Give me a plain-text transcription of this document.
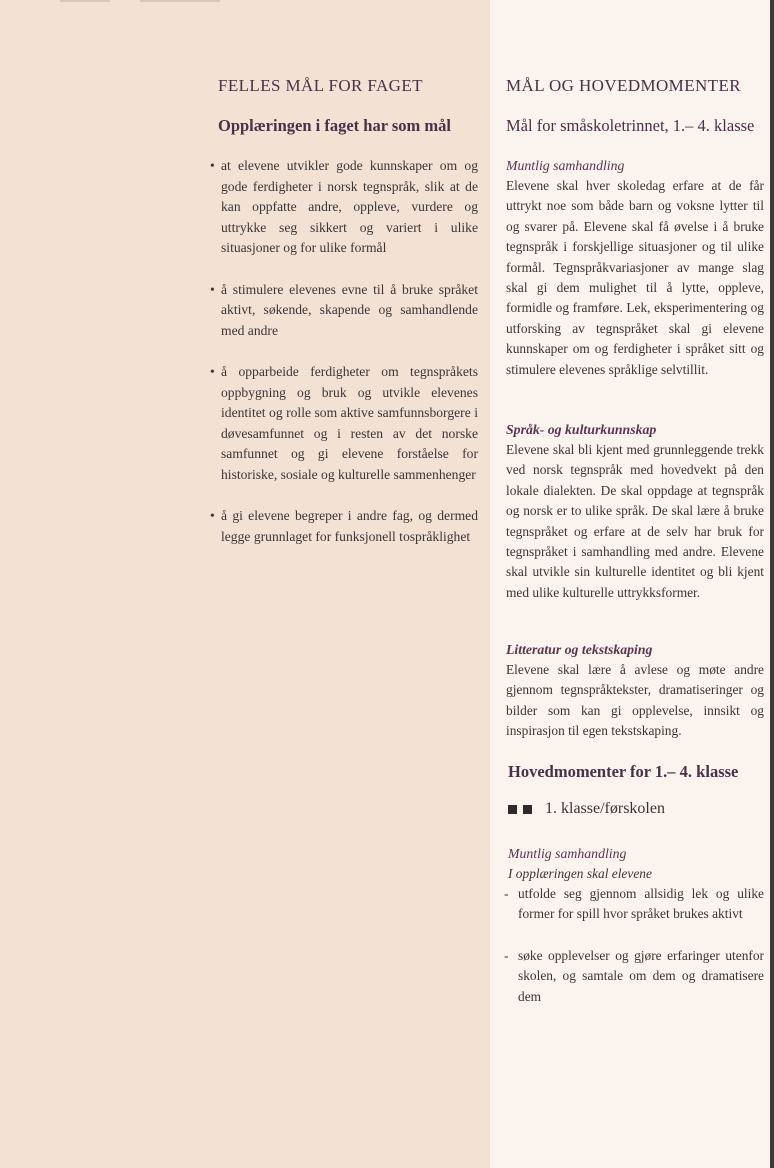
FELLES MÅL FOR FAGET
Opplæringen i faget har som mål
• at elevene utvikler gode kunnskaper om og gode ferdigheter i norsk tegnspråk, slik at de kan oppfatte andre, oppleve, vurdere og uttrykke seg sikkert og variert i ulike situasjoner og for ulike formål
• å stimulere elevenes evne til å bruke språket aktivt, søkende, skapende og samhandlende med andre
• å opparbeide ferdigheter om tegnspråkets oppbygning og bruk og utvikle elevenes identitet og rolle som aktive samfunnsborgere i døvesamfunnet og i resten av det norske samfunnet og gi elevene forståelse for historiske, sosiale og kulturelle sammenhenger
• å gi elevene begreper i andre fag, og dermed legge grunnlaget for funksjonell tospråklighet
MÅL OG HOVEDMOMENTER
Mål for småskoletrinnet, 1.– 4. klasse

Muntlig samhandling

Elevene skal hver skoledag erfare at de får uttrykt noe som både barn og voksne lytter til og svarer på. Elevene skal få øvelse i å bruke tegnspråk i forskjellige situasjoner og til ulike formål. Tegnspråkvariasjoner av mange slag skal gi dem mulighet til å lytte, oppleve, formidle og framføre. Lek, eksperimentering og utforsking av tegnspråket skal gi elevene kunnskaper om og ferdigheter i språket sitt og stimulere elevenes språklige selvtillit.

Språk- og kulturkunnskap

Elevene skal bli kjent med grunnleggende trekk ved norsk tegnspråk med hovedvekt på den lokale dialekten. De skal oppdage at tegnspråk og norsk er to ulike språk. De skal lære å bruke tegnspråket og erfare at de selv har bruk for tegnspråket i samhandling med andre. Elevene skal utvikle sin kulturelle identitet og bli kjent med ulike kulturelle uttrykksformer.

Litteratur og tekstskaping

Elevene skal lære å avlese og møte andre gjennom tegnspråktekster, dramatiseringer og bilder som kan gi opplevelse, innsikt og inspirasjon til egen tekstskaping.

Hovedmomenter for 1.– 4. klasse
1. klasse/førskolen

Muntlig samhandling

I opplæringen skal elevene

- utfolde seg gjennom allsidig lek og ulike former for spill hvor språket brukes aktivt
- søke opplevelser og gjøre erfaringer utenfor skolen, og samtale om dem og dramatisere dem
